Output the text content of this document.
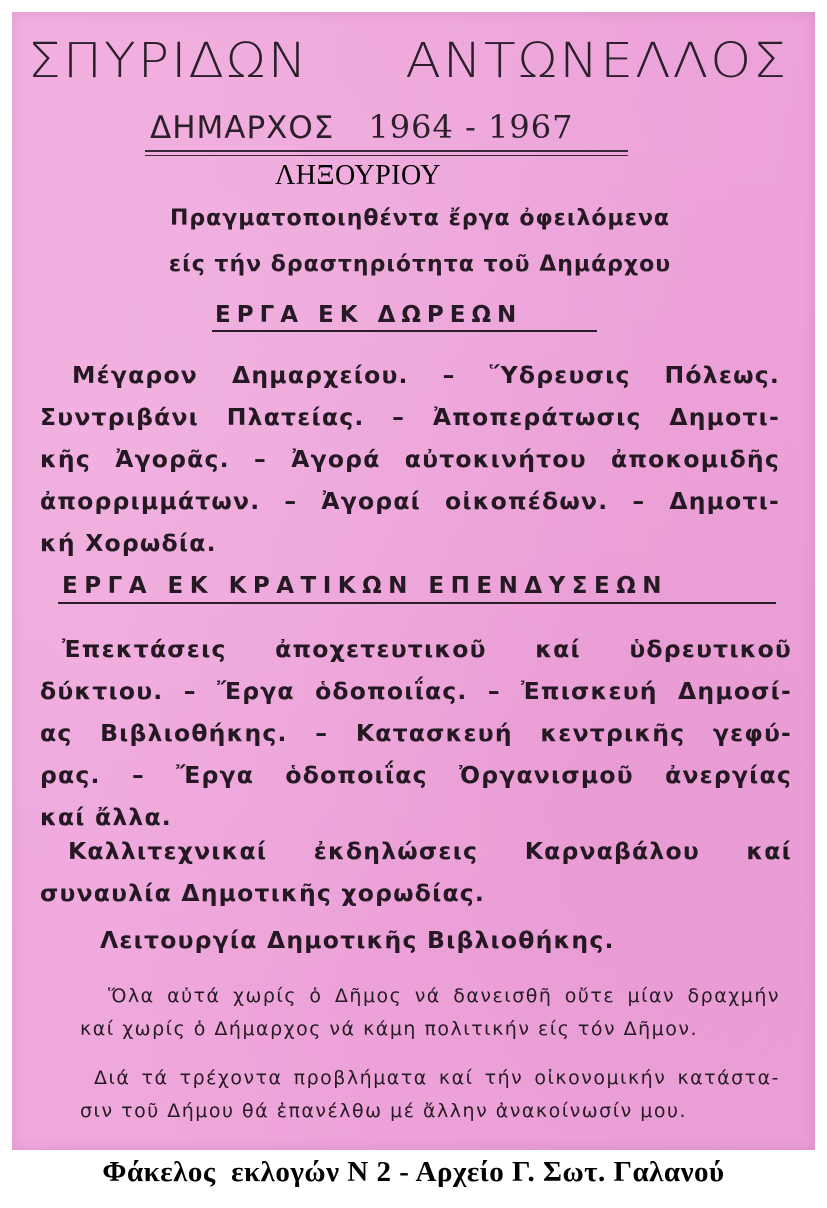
ΣΠΥΡΙΔΩΝ ΑΝΤΩΝΕΛΛΟΣ
ΔΗΜΑΡΧΟΣ 1964 - 1967
ΛΗΞΟΥΡΙΟΥ
Πραγματοποιηθέντα ἔργα ὀφειλόμενα
είς τήν δραστηριότητα τοῦ Δημάρχου
ΕΡΓΑ ΕΚ ΔΩΡΕΩΝ
Μέγαρον Δημαρχείου. – Ὕδρευσις Πόλεως.
Συντριβάνι Πλατείας. – Ἀποπεράτωσις Δημοτι-
κῆς Ἀγορᾶς. – Ἀγορά αὐτοκινήτου ἀποκομιδῆς
ἀπορριμμάτων. – Ἀγοραί οἰκοπέδων. – Δημοτι-
κή Χορωδία.
ΕΡΓΑ ΕΚ ΚΡΑΤΙΚΩΝ ΕΠΕΝΔΥΣΕΩΝ
Ἐπεκτάσεις ἀποχετευτικοῦ καί ὑδρευτικοῦ
δύκτιου. – Ἔργα ὁδοποιΐας. – Ἐπισκευή Δημοσί-
ας Βιβλιοθήκης. – Κατασκευή κεντρικῆς γεφύ-
ρας. – Ἔργα ὁδοποιΐας Ὀργανισμοῦ ἀνεργίας
καί ἄλλα.
Καλλιτεχνικαί ἐκδηλώσεις Καρναβάλου καί
συναυλία Δημοτικῆς χορωδίας.
Λειτουργία Δημοτικῆς Βιβλιοθήκης.
Ὅλα αὐτά χωρίς ὁ Δῆμος νά δανεισθῆ οὔτε μίαν δραχμήν
καί χωρίς ὁ Δήμαρχος νά κάμη πολιτικήν είς τόν Δῆμον.
Διά τά τρέχοντα προβλήματα καί τήν οἰκονομικήν κατάστα-
σιν τοῦ Δήμου θά ἐπανέλθω μέ ἄλλην ἀνακοίνωσίν μου.
Φάκελος  εκλογών Ν 2 - Αρχείο Γ. Σωτ. Γαλανού
